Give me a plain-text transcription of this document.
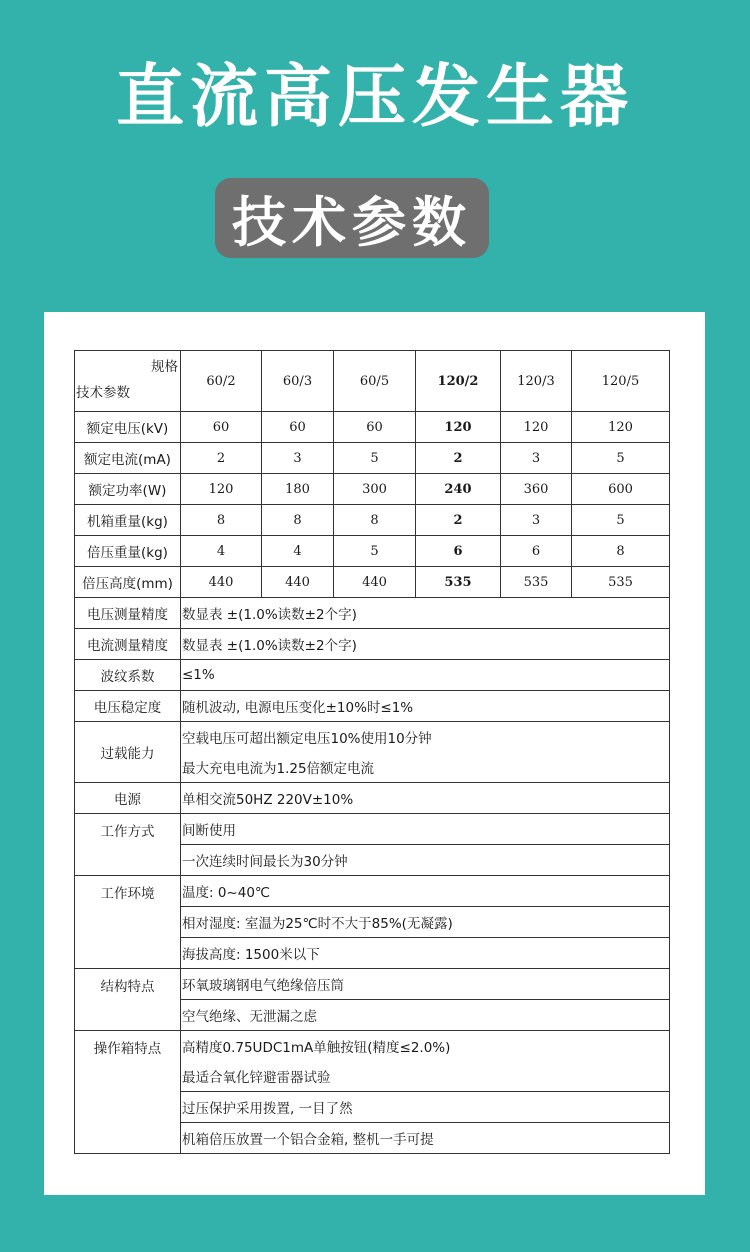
直流高压发生器
技术参数
规格
技术参数	60/2	60/3	60/5	120/2	120/3	120/5
额定电压(kV)	60	60	60	120	120	120
额定电流(mA)	2	3	5	2	3	5
额定功率(W)	120	180	300	240	360	600
机箱重量(kg)	8	8	8	2	3	5
倍压重量(kg)	4	4	5	6	6	8
倍压高度(mm)	440	440	440	535	535	535
电压测量精度	数显表 ±(1.0%读数±2个字)					
电流测量精度	数显表 ±(1.0%读数±2个字)					
波纹系数	≤1%					
电压稳定度	随机波动, 电源电压变化±10%时≤1%					
过载能力	空载电压可超出额定电压10%使用10分钟					
	最大充电电流为1.25倍额定电流					
电源	单相交流50HZ 220V±10%					
工作方式	间断使用					
	一次连续时间最长为30分钟					
工作环境	温度: 0~40℃					
	相对湿度: 室温为25℃时不大于85%(无凝露)					
	海拔高度: 1500米以下					
结构特点	环氧玻璃钢电气绝缘倍压筒					
	空气绝缘、无泄漏之虑					
操作箱特点	高精度0.75UDC1mA单触按钮(精度≤2.0%)					
	最适合氧化锌避雷器试验					
	过压保护采用拨置, 一目了然					
	机箱倍压放置一个铝合金箱, 整机一手可提					
